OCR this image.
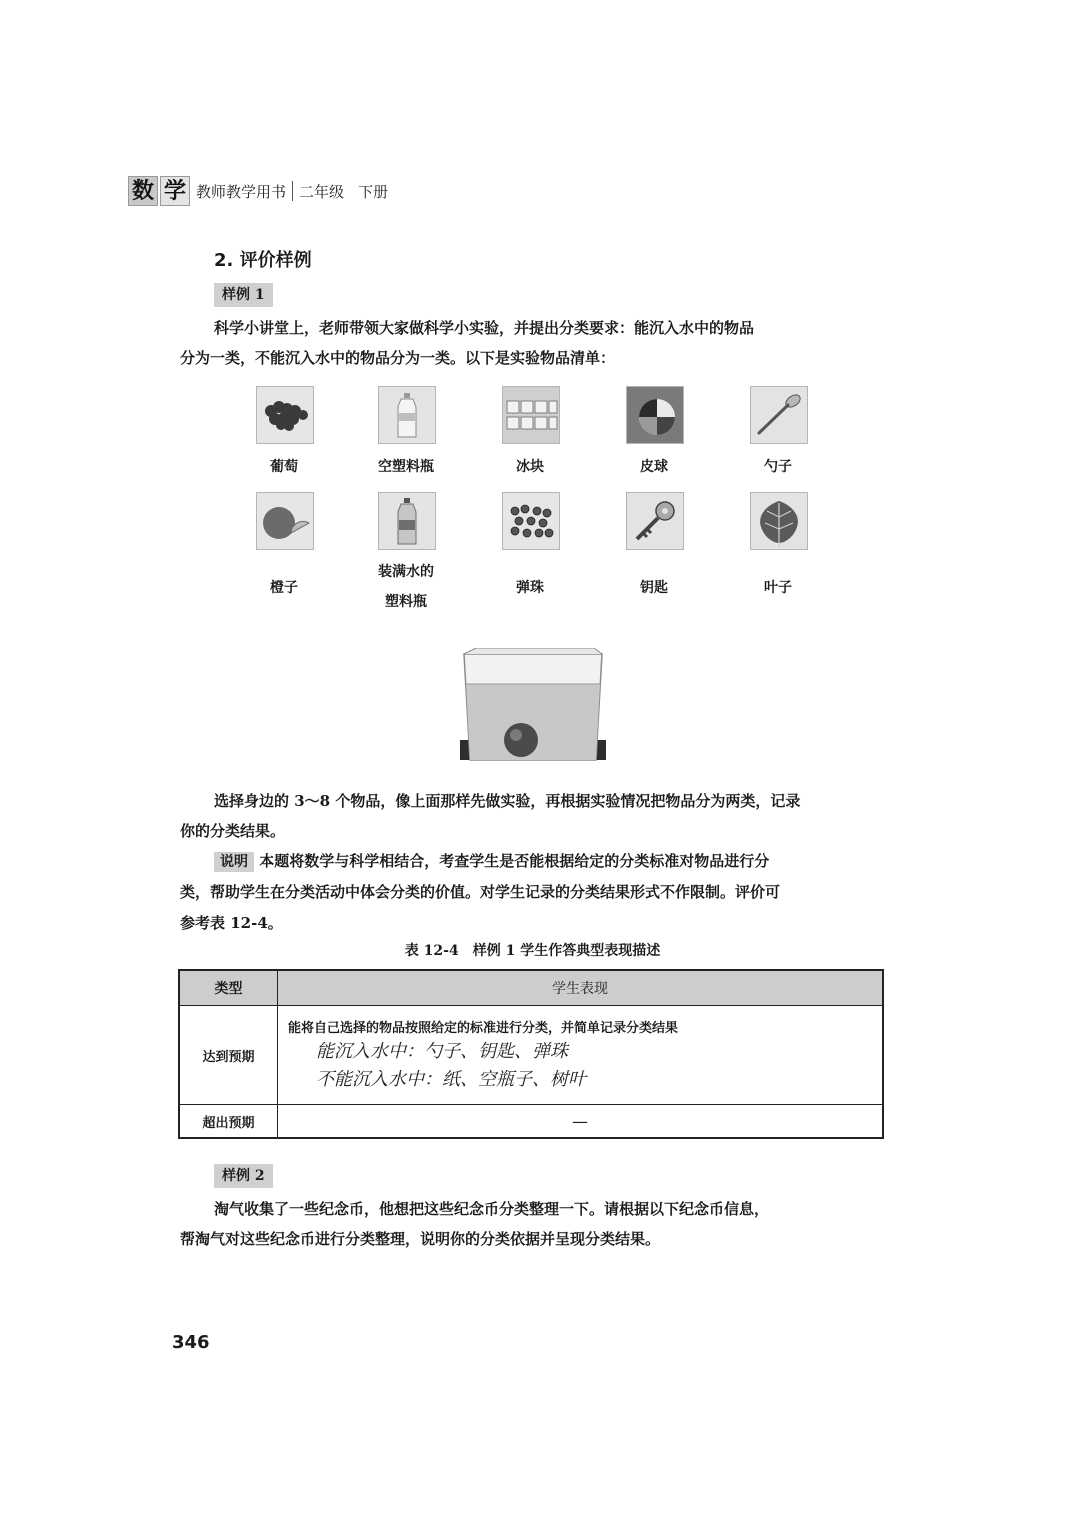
数 学 教师教学用书 二年级 下册
2. 评价样例
样例 1
科学小讲堂上，老师带领大家做科学小实验，并提出分类要求：能沉入水中的物品
分为一类，不能沉入水中的物品分为一类。以下是实验物品清单：
葡萄	空塑料瓶	冰块	皮球	勺子
橙子
装满水的
塑料瓶
弹珠	钥匙	叶子
选择身边的 3～8 个物品，像上面那样先做实验，再根据实验情况把物品分为两类，记录
你的分类结果。
说明 本题将数学与科学相结合，考查学生是否能根据给定的分类标准对物品进行分
类，帮助学生在分类活动中体会分类的价值。对学生记录的分类结果形式不作限制。评价可
参考表 12-4。
表 12-4　样例 1 学生作答典型表现描述
类型	学生表现
达到预期	能将自己选择的物品按照给定的标准进行分类，并简单记录分类结果
能沉入水中：勺子、钥匙、弹珠
不能沉入水中：纸、空瓶子、树叶

超出预期	—
样例 2
淘气收集了一些纪念币，他想把这些纪念币分类整理一下。请根据以下纪念币信息，
帮淘气对这些纪念币进行分类整理，说明你的分类依据并呈现分类结果。
346
